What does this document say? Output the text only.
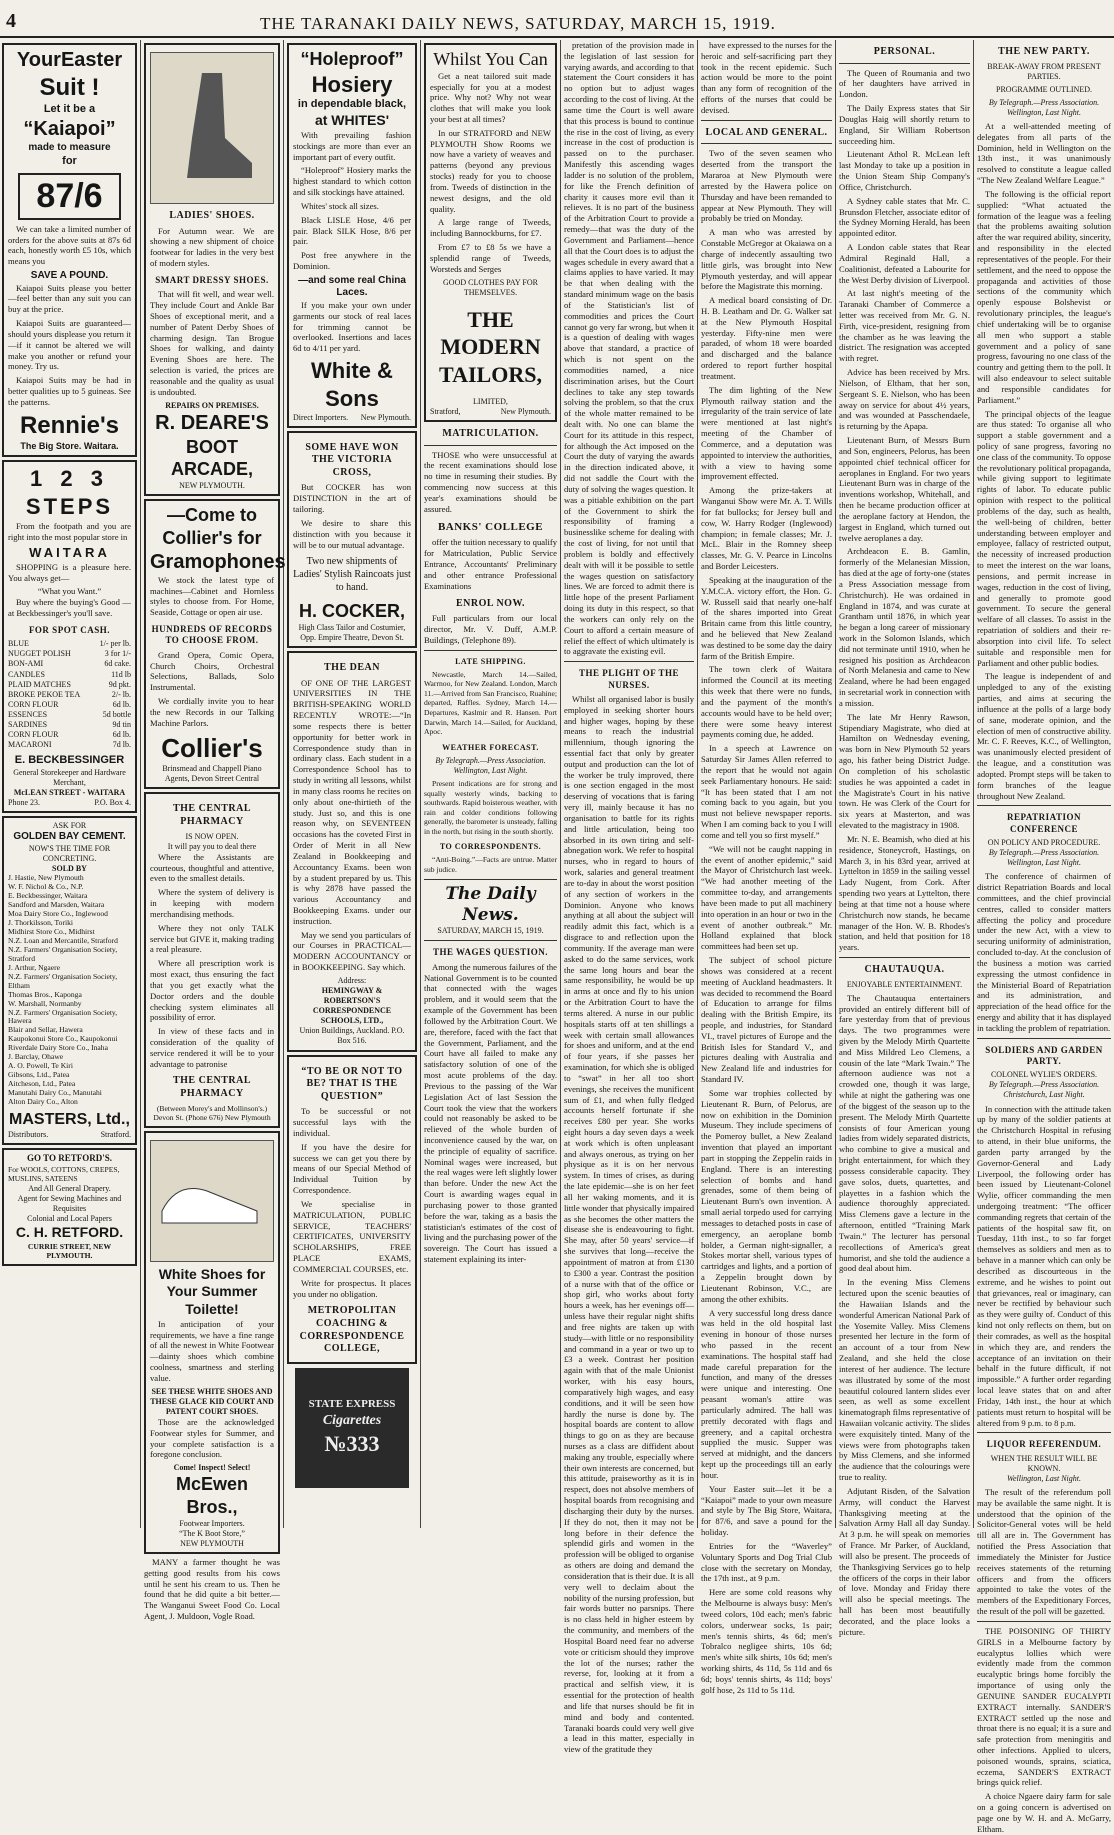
4	THE TARANAKI DAILY NEWS, SATURDAY, MARCH 15, 1919.
YourEaster
Suit !
Let it be a
“Kaiapoi”
made to measure
for
87/6

We can take a limited number of orders for the above suits at 87s 6d each, honestly worth £5 10s, which means you

SAVE A POUND.

Kaiapoi Suits please you better—feel better than any suit you can buy at the price.

Kaiapoi Suits are guaranteed—should yours displease you return it—if it cannot be altered we will make you another or refund your money. Try us.

Kaiapoi Suits may be had in better qualities up to 5 guineas. See the patterns.

Rennie's
The Big Store. Waitara.
1 2 3
STEPS

From the footpath and you are right into the most popular store in

WAITARA

SHOPPING is a pleasure here. You always get—

“What you Want.”

Buy where the buying's Good —at Beckbessinger's you'll save.

FOR SPOT CASH.
BLUE	1/- per lb.
NUGGET POLISH	3 for 1/-
BON-AMI	6d cake.
CANDLES	11d lb
PLAID MATCHES	9d pkt.
BROKE PEKOE TEA	2/- lb.
CORN FLOUR	6d lb.
ESSENCES	5d bottle
SARDINES	9d tin
CORN FLOUR	6d lb.
MACARONI	7d lb.
E. BECKBESSINGER
General Storekeeper and Hardware Merchant,
McLEAN STREET - WAITARA
Phone 23.	P.O. Box 4.
ASK FOR
GOLDEN BAY CEMENT.
NOW'S THE TIME FOR CONCRETING.
SOLD BY
J. Hastie, New Plymouth
W. F. Nichol & Co., N.P.
E. Beckbessinger, Waitara
Sandford and Marsden, Waitara
Moa Dairy Store Co., Inglewood
J. Thorkilsson, Toriki
Midhirst Store Co., Midhirst
N.Z. Loan and Mercantile, Stratford
N.Z. Farmers' Organisation Society, Stratford
J. Arthur, Ngaere
N.Z. Farmers' Organisation Society, Eltham
Thomas Bros., Kaponga
W. Marshall, Normanby
N.Z. Farmers' Organisation Society, Hawera
Blair and Sellar, Hawera
Kaupokonui Store Co., Kaupokonui
Riverdale Dairy Store Co., Inaha
J. Barclay, Ohawe
A. O. Powell, Te Kiri
Gibsons, Ltd., Patea
Aitcheson, Ltd., Patea
Manutahi Dairy Co., Manutahi
Alton Dairy Co., Alton
MASTERS, Ltd.,
Distributors.	Stratford.
GO TO RETFORD'S.
For WOOLS, COTTONS, CREPES, MUSLINS, SATEENS
And All General Drapery.
Agent for Sewing Machines and Requisites
Colonial and Local Papers
C. H. RETFORD.
CURRIE STREET, NEW PLYMOUTH.
LADIES' SHOES.

For Autumn wear. We are showing a new shipment of choice footwear for ladies in the very best of modern styles.

SMART DRESSY SHOES.

That will fit well, and wear well. They include Court and Ankle Bar Shoes of exceptional merit, and a number of Patent Derby Shoes of charming design. Tan Brogue Shoes for walking, and dainty Evening Shoes are here. The selection is varied, the prices are reasonable and the quality as usual is undoubted.

REPAIRS ON PREMISES.
R. DEARE'S
BOOT ARCADE,
NEW PLYMOUTH.
—Come to
Collier's for
Gramophones

We stock the latest type of machines—Cabinet and Hornless styles to choose from. For Home, Seaside, Cottage or open air use.

HUNDREDS OF RECORDS TO CHOOSE FROM.

Grand Opera, Comic Opera, Church Choirs, Orchestral Selections, Ballads, Solo Instrumental.

We cordially invite you to hear the new Records in our Talking Machine Parlors.

Collier's
Brinsmead and Chappell Piano Agents, Devon Street Central
THE CENTRAL PHARMACY
IS NOW OPEN.
It will pay you to deal there

Where the Assistants are courteous, thoughtful and attentive, even to the smallest details.

Where the system of delivery is in keeping with modern merchandising methods.

Where they not only TALK service but GIVE it, making trading a real pleasure.

Where all prescription work is most exact, thus ensuring the fact that you get exactly what the Doctor orders and the double checking system eliminates all possibility of error.

In view of these facts and in consideration of the quality of service rendered it will be to your advantage to patronise

THE CENTRAL PHARMACY
(Between Morey's and Mollinson's.) Devon St. (Phone 676) New Plymouth
White Shoes for
Your Summer
Toilette!

In anticipation of your requirements, we have a fine range of all the newest in White Footwear—dainty shoes which combine coolness, smartness and sterling value.

SEE THESE WHITE SHOES AND THESE GLACE KID COURT AND PATENT COURT SHOES.

Those are the acknowledged Footwear styles for Summer, and your complete satisfaction is a foregone conclusion.

Come! Inspect! Select!
McEwen Bros.,
Footwear Importers.
“The K Boot Store,”
NEW PLYMOUTH

MANY a farmer thought he was getting good results from his cows until he sent his cream to us. Then he found that he did quite a bit better.—The Wanganui Sweet Food Co. Local Agent, J. Muldoon, Vogle Road.

“Holeproof”
Hosiery
in dependable black,
at WHITES'

With prevailing fashion stockings are more than ever an important part of every outfit.

“Holeproof” Hosiery marks the highest standard to which cotton and silk stockings have attained.

Whites' stock all sizes.

Black LISLE Hose, 4/6 per pair. Black SILK Hose, 8/6 per pair.

Post free anywhere in the Dominion.

—and some real China Laces.

If you make your own under garments our stock of real laces for trimming cannot be overlooked. Insertions and laces 6d to 4/11 per yard.

White & Sons
Direct Importers. New Plymouth.
SOME HAVE WON THE VICTORIA CROSS,

But COCKER has won DISTINCTION in the art of tailoring.

We desire to share this distinction with you because it will be to our mutual advantage.

Two new shipments of Ladies' Stylish Raincoats just to hand.
H. COCKER,
High Class Tailor and Costumier, Opp. Empire Theatre, Devon St.
THE DEAN

OF ONE OF THE LARGEST UNIVERSITIES IN THE BRITISH-SPEAKING WORLD RECENTLY WROTE:—“In some respects there is better opportunity for better work in Correspondence study than in ordinary class. Each student in a Correspondence School has to study in writing all lessons, whilst in many class rooms he recites on only about one-thirtieth of the study. Just so, and this is one reason why, on SEVENTEEN occasions has the coveted First in Order of Merit in all New Zealand in Bookkeeping and Accountancy Exams. been won by a student prepared by us. This is why 2878 have passed the various Accountancy and Bookkeeping Exams. under our instruction.

May we send you particulars of our Courses in PRACTICAL—MODERN ACCOUNTANCY or in BOOKKEEPING. Say which.

Address:
HEMINGWAY & ROBERTSON'S CORRESPONDENCE SCHOOLS, LTD.,
Union Buildings, Auckland. P.O. Box 516.
“TO BE OR NOT TO BE? THAT IS THE QUESTION”

To be successful or not successful lays with the individual.

If you have the desire for success we can get you there by means of our Special Method of Individual Tuition by Correspondence.

We specialise in MATRICULATION, PUBLIC SERVICE, TEACHERS' CERTIFICATES, UNIVERSITY SCHOLARSHIPS, FREE PLACE EXAMS, COMMERCIAL COURSES, etc.

Write for prospectus. It places you under no obligation.

METROPOLITAN COACHING & CORRESPONDENCE COLLEGE,
STATE EXPRESS
Cigarettes
№333
Whilst You Can

Get a neat tailored suit made especially for you at a modest price. Why not? Why not wear clothes that will make you look your best at all times?

In our STRATFORD and NEW PLYMOUTH Show Rooms we now have a variety of weaves and patterns (beyond any previous stocks) ready for you to choose from. Tweeds of distinction in the newest designs, and the old quality.

A large range of Tweeds, including Bannockburns, for £7.

From £7 to £8 5s we have a splendid range of Tweeds, Worsteds and Serges

GOOD CLOTHES PAY FOR THEMSELVES.
THE MODERN TAILORS,
LIMITED,
Stratford,	New Plymouth.
MATRICULATION.

THOSE who were unsuccessful at the recent examinations should lose no time in resuming their studies. By commencing now success at this year's examinations should be assured.

BANKS' COLLEGE

offer the tuition necessary to qualify for Matriculation, Public Service Entrance, Accountants' Preliminary and other entrance Professional Examinations

ENROL NOW.

Full particulars from our local director, Mr. V. Duff, A.M.P. Buildings, (Telephone 89).

LATE SHIPPING.

Newcastle, March 14.—Sailed, Warrnoo, for New Zealand. London, March 11.—Arrived from San Francisco, Ruahine; departed, Raffles. Sydney, March 14.—Departures, Kaslmir and R. Hansen. Port Darwin, March 14.—Sailed, for Auckland, Apoc.

WEATHER FORECAST.
By Telegraph.—Press Association. Wellington, Last Night.

Present indications are for strong and squally westerly winds, backing to southwards. Rapid boisterous weather, with rain and colder conditions following generally, the barometer is unsteady, falling in the north, but rising in the south shortly.

TO CORRESPONDENTS.

“Anti-Boing.”—Facts are untrue. Matter sub judice.

The Daily News.
SATURDAY, MARCH 15, 1919.
THE WAGES QUESTION.

Among the numerous failures of the National Government is to be counted that connected with the wages problem, and it would seem that the example of the Government has been followed by the Arbitration Court. We are, therefore, faced with the fact that the Government, Parliament, and the Court have all failed to make any satisfactory solution of one of the most acute problems of the day. Previous to the passing of the War Legislation Act of last Session the Court took the view that the workers could not reasonably be asked to be relieved of the whole burden of inconvenience caused by the war, on the principle of equality of sacrifice. Nominal wages were increased, but the real wages were left slightly lower than before. Under the new Act the Court is awarding wages equal in purchasing power to those granted before the war, taking as a basis the statistician's estimates of the cost of living and the purchasing power of the sovereign. The Court has issued a statement explaining its inter-

pretation of the provision made in the legislation of last session for varying awards, and according to that statement the Court considers it has no option but to adjust wages according to the cost of living. At the same time the Court is well aware that this process is bound to continue the rise in the cost of living, as every increase in the cost of production is passed on to the purchaser. Manifestly this ascending wages ladder is no solution of the problem, for like the French definition of charity it causes more evil than it relieves. It is no part of the business of the Arbitration Court to provide a remedy—that was the duty of the Government and Parliament—hence all that the Court does is to adjust the wages schedule in every award that a claims applies to have varied. It may be that when dealing with the standard minimum wage on the basis of the Statistician's list of commodities and prices the Court cannot go very far wrong, but when it is a question of dealing with wages above that standard, a practice of which is not spent on the commodities named, a nice discrimination arises, but the Court declines to take any step towards solving the problem, so that the crux of the whole matter remained to be dealt with. No one can blame the Court for its attitude in this respect, for although the Act imposed on the Court the duty of varying the awards in the direction indicated above, it did not saddle the Court with the duty of solving the wages question. It was a pitiable exhibition on the part of the Government to shirk the responsibility of framing a businesslike scheme for dealing with the cost of living, for not until that problem is boldly and effectively dealt with will it be possible to settle the wages question on satisfactory lines. We are forced to admit there is little hope of the present Parliament doing its duty in this respect, so that the workers can only rely on the Court to afford a certain measure of relief the effect of which ultimately is to aggravate the existing evil.

THE PLIGHT OF THE NURSES.

Whilst all organised labor is busily employed in seeking shorter hours and higher wages, hoping by these means to reach the industrial millennium, though ignoring the essential fact that only by greater output and production can the lot of the worker be truly improved, there is one section engaged in the most deserving of vocations that is faring very ill, mainly because it has no organisation to battle for its rights and little articulation, being too absorbed in its own tiring and self-abnegation work. We refer to hospital nurses, who in regard to hours of work, salaries and general treatment are to-day in about the worst position of any section of workers in the Dominion. Anyone who knows anything at all about the subject will readily admit this fact, which is a disgrace to and reflection upon the community. If the average man were asked to do the same services, work the same long hours and bear the same responsibility, he would be up in arms at once and fly to his union or the Arbitration Court to have the terms altered. A nurse in our public hospitals starts off at ten shillings a week with certain small allowances for shoes and uniform, and at the end of four years, if she passes her examination, for which she is obliged to “swat” in her all too short evenings, she receives the munificent sum of £1, and when fully fledged accounts herself fortunate if she receives £80 per year. She works eight hours a day seven days a week at work which is often unpleasant and always onerous, as trying on her physique as it is on her nervous system. In times of crises, as during the late epidemic—she is on her feet all her waking moments, and it is little wonder that physically impaired as she becomes the other matters the disease she is endeavouring to fight. She may, after 50 years' service—if she survives that long—receive the appointment of matron at from £130 to £300 a year. Contrast the position of a nurse with that of the office or shop girl, who works about forty hours a week, has her evenings off—unless have their regular night shifts and free nights are taken up with study—with little or no responsibility and command in a year or two up to £3 a week. Contrast her position again with that of the male Unionist worker, with his easy hours, comparatively high wages, and easy conditions, and it will be seen how hardly the nurse is done by. The hospital boards are content to allow things to go on as they are because nurses as a class are diffident about making any trouble, especially where their own interests are concerned, but this attitude, praiseworthy as it is in respect, does not absolve members of hospital boards from recognising and discharging their duty by the nurses. If they do not, then it may not be long before in their defence the splendid girls and women in the profession will be obliged to organise as others are doing and demand the consideration that is their due. It is all very well to declaim about the nobility of the nursing profession, but fair words butter no parsnips. There is no class held in higher esteem by the community, and members of the Hospital Board need fear no adverse vote or criticism should they improve the lot of the nurses; rather the reverse, for, looking at it from a practical and selfish view, it is essential for the protection of health and life that nurses should be fit in mind and body and contented. Taranaki boards could very well give a lead in this matter, especially in view of the gratitude they

have expressed to the nurses for the heroic and self-sacrificing part they took in the recent epidemic. Such action would be more to the point than any form of recognition of the efforts of the nurses that could be devised.

LOCAL AND GENERAL.

Two of the seven seamen who deserted from the transport the Mararoa at New Plymouth were arrested by the Hawera police on Thursday and have been remanded to appear at New Plymouth. They will probably be tried on Monday.

A man who was arrested by Constable McGregor at Okaiawa on a charge of indecently assaulting two little girls, was brought into New Plymouth yesterday, and will appear before the Magistrate this morning.

A medical board consisting of Dr. H. B. Leatham and Dr. G. Walker sat at the New Plymouth Hospital yesterday. Fifty-nine men were paraded, of whom 18 were boarded and discharged and the balance ordered to report further hospital treatment.

The dim lighting of the New Plymouth railway station and the irregularity of the train service of late were mentioned at last night's meeting of the Chamber of Commerce, and a deputation was appointed to interview the authorities, with a view to having some improvement effected.

Among the prize-takers at Wanganui Show were Mr. A. T. Wills for fat bullocks; for Jersey bull and cow, W. Harry Rodger (Inglewood) champion; in female classes; Mr. J. McL. Blair in the Romney sheep classes, Mr. G. V. Pearce in Lincolns and Border Leicesters.

Speaking at the inauguration of the Y.M.C.A. victory effort, the Hon. G. W. Russell said that nearly one-half of the shares imported into Great Britain came from this little country, and he believed that New Zealand was destined to be some day the dairy farm of the British Empire.

The town clerk of Waitara informed the Council at its meeting this week that there were no funds, and the payment of the month's accounts would have to be held over; there were some heavy interest payments coming due, he added.

In a speech at Lawrence on Saturday Sir James Allen referred to the report that he would not again seek Parliamentary honours. He said: “It has been stated that I am not coming back to you again, but you must not believe newspaper reports. When I am coming back to you I will come and tell you so first myself.”

“We will not be caught napping in the event of another epidemic,” said the Mayor of Christchurch last week. “We had another meeting of the committee to-day, and arrangements have been made to put all machinery into operation in an hour or two in the event of another outbreak.” Mr. Holland explained that block committees had been set up.

The subject of school picture shows was considered at a recent meeting of Auckland headmasters. It was decided to recommend the Board of Education to arrange for films dealing with the British Empire, its people, and industries, for Standard VI., travel pictures of Europe and the British Isles for Standard V., and pictures dealing with Australia and New Zealand life and industries for Standard IV.

Some war trophies collected by Lieutenant R. Burn, of Pelorus, are now on exhibition in the Dominion Museum. They include specimens of the Pomeroy bullet, a New Zealand invention that played an important part in stopping the Zeppelin raids in England. There is an interesting selection of bombs and hand grenades, some of them being of Lieutenant Burn's own invention. A small aerial torpedo used for carrying messages to detached posts in case of emergency, an aeroplane bomb holder, a German night-signaller, a Stokes mortar shell, various types of cartridges and lights, and a portion of a Zeppelin brought down by Lieutenant Robinson, V.C., are among the other exhibits.

A very successful long dress dance was held in the old hospital last evening in honour of those nurses who passed in the recent examinations. The hospital staff had made careful preparation for the function, and many of the dresses were unique and interesting. One peasant woman's attire was particularly admired. The hall was prettily decorated with flags and greenery, and a capital orchestra supplied the music. Supper was served at midnight, and the dancers kept up the proceedings till an early hour.

Your Easter suit—let it be a “Kaiapoi” made to your own measure and style by The Big Store, Waitara, for 87/6, and save a pound for the holiday.

Entries for the “Waverley” Voluntary Sports and Dog Trial Club close with the secretary on Monday, the 17th inst., at 9 p.m.

Here are some cold reasons why the Melbourne is always busy: Men's tweed colors, 10d each; men's fabric colors, underwear socks, 1s pair; men's tennis shirts, 4s 6d; men's Tobralco negligee shirts, 10s 6d; men's white silk shirts, 10s 6d; men's working shirts, 4s 11d, 5s 11d and 6s 6d; boys' tennis shirts, 4s 11d; boys' golf hose, 2s 11d to 5s 11d.

PERSONAL.

The Queen of Roumania and two of her daughters have arrived in London.

The Daily Express states that Sir Douglas Haig will shortly return to England, Sir William Robertson succeeding him.

Lieutenant Athol R. McLean left last Monday to take up a position in the Union Steam Ship Company's Office, Christchurch.

A Sydney cable states that Mr. C. Brunsdon Fletcher, associate editor of the Sydney Morning Herald, has been appointed editor.

A London cable states that Rear Admiral Reginald Hall, a Coalitionist, defeated a Labourite for the West Derby division of Liverpool.

At last night's meeting of the Taranaki Chamber of Commerce a letter was received from Mr. G. N. Firth, vice-president, resigning from the chamber as he was leaving the district. The resignation was accepted with regret.

Advice has been received by Mrs. Nielson, of Eltham, that her son, Sergeant S. E. Nielson, who has been away on service for about 4½ years, and was wounded at Passchendaele, is returning by the Apapa.

Lieutenant Burn, of Messrs Burn and Son, engineers, Pelorus, has been appointed chief technical officer for aeroplanes in England. For two years Lieutenant Burn was in charge of the inventions workshop, Whitehall, and then he became production officer at the aeroplane factory at Hendon, the largest in England, which turned out twelve aeroplanes a day.

Archdeacon E. B. Gamlin, formerly of the Melanesian Mission, has died at the age of forty-one (states a Press Association message from Christchurch). He was ordained in England in 1874, and was curate at Grantham until 1876, in which year he began a long career of missionary work in the Solomon Islands, which did not terminate until 1910, when he resigned his position as Archdeacon of North Melanesia and came to New Zealand, where he had been engaged in secretarial work in connection with a mission.

The late Mr Henry Rawson, Stipendiary Magistrate, who died at Hamilton on Wednesday evening, was born in New Plymouth 52 years ago, his father being District Judge. On completion of his scholastic studies he was appointed a cadet in the Magistrate's Court in his native town. He was Clerk of the Court for six years at Masterton, and was elevated to the magistracy in 1908.

Mr. N. E. Beamish, who died at his residence, Stoneycroft, Hastings, on March 3, in his 83rd year, arrived at Lyttelton in 1859 in the sailing vessel Lady Nugent, from Cork. After spending two years at Lyttelton, there being at that time not a house where Christchurch now stands, he became manager of the Hon. W. B. Rhodes's station, and held that position for 18 years.

CHAUTAUQUA.
ENJOYABLE ENTERTAINMENT.

The Chautauqua entertainers provided an entirely different bill of fare yesterday from that of previous days. The two programmes were given by the Melody Mirth Quartette and Miss Mildred Leo Clemens, a cousin of the late “Mark Twain.” The afternoon audience was not a crowded one, though it was large, while at night the gathering was one of the biggest of the season up to the present. The Melody Mirth Quartette consists of four American young ladies from widely separated districts, who combine to give a musical and bright entertainment, for which they possess considerable capacity. They gave solos, duets, quartettes, and playettes in a fashion which the audience thoroughly appreciated. Miss Clemens gave a lecture in the afternoon, entitled “Training Mark Twain.” The lecturer has personal recollections of America's great humorist, and she told the audience a good deal about him.

In the evening Miss Clemens lectured upon the scenic beauties of the Hawaiian Islands and the wonderful American National Park of the Yosemite Valley. Miss Clemens presented her lecture in the form of an account of a tour from New Zealand, and she held the close interest of her audience. The lecture was illustrated by some of the most beautiful coloured lantern slides ever seen, as well as some excellent kinematograph films representative of Hawaiian volcanic activity. The slides were exquisitely tinted. Many of the views were from photographs taken by Miss Clemens, and she informed the audience that the colourings were true to reality.

Adjutant Risden, of the Salvation Army, will conduct the Harvest Thanksgiving meeting at the Salvation Army Hall all day Sunday. At 3 p.m. he will speak on memories of France. Mr Parker, of Auckland, will also be present. The proceeds of the Thanksgiving Services go to help the officers of the corps in their labor of love. Monday and Friday there will also be special meetings. The hall has been most beautifully decorated, and the place looks a picture.

THE NEW PARTY.
BREAK-AWAY FROM PRESENT PARTIES.
PROGRAMME OUTLINED.
By Telegraph.—Press Association. Wellington, Last Night.

At a well-attended meeting of delegates from all parts of the Dominion, held in Wellington on the 13th inst., it was unanimously resolved to constitute a league called “The New Zealand Welfare League.”

The following is the official report supplied: “What actuated the formation of the league was a feeling that the problems awaiting solution after the war required ability, sincerity, and responsibility in the elected representatives of the people. For their settlement, and the need to oppose the propaganda and activities of those sections of the community which openly espouse Bolshevist or revolutionary principles, the league's chief undertaking will be to organise all men who support a stable government and a policy of sane progress, favouring no one class of the country and getting them to the poll. It will also endeavour to select suitable and responsible candidates for Parliament.”

The principal objects of the league are thus stated: To organise all who support a stable government and a policy of sane progress, favoring no one class of the community. To oppose the revolutionary political propaganda, while giving support to legitimate rights of labor. To educate public opinion with respect to the political problems of the day, such as health, the well-being of children, better understanding between employer and employee, fallacy of restricted output, the necessity of increased production to meet the interest on the war loans, pensions, and permit increase in wages, reduction in the cost of living, and generally to promote good government. To secure the general welfare of all classes. To assist in the repatriation of soldiers and their re-absorption into civil life. To select suitable and responsible men for Parliament and other public bodies.

The league is independent of and unpledged to any of the existing parties, and aims at securing the influence at the polls of a large body of sane, moderate opinion, and the election of men of constructive ability. Mr. C. F. Reeves, K.C., of Wellington, was unanimously elected president of the league, and a constitution was adopted. Prompt steps will be taken to form branches of the league throughout New Zealand.

REPATRIATION CONFERENCE
ON POLICY AND PROCEDURE.
By Telegraph.—Press Association. Wellington, Last Night.

The conference of chairmen of district Repatriation Boards and local committees, and the chief provincial centres, called to consider matters affecting the policy and procedure under the new Act, with a view to securing uniformity of administration, concluded to-day. At the conclusion of the business a motion was carried expressing the utmost confidence in the Ministerial Board of Repatriation and its administration, and appreciation of the head office for the energy and ability that it has displayed in tackling the problem of repatriation.

SOLDIERS AND GARDEN PARTY.
COLONEL WYLIE'S ORDERS.
By Telegraph.—Press Association. Christchurch, Last Night.

In connection with the attitude taken up by many of the soldier patients at the Christchurch Hospital in refusing to attend, in their blue uniforms, the garden party arranged by the Governor-General and Lady Liverpool, the following order has been issued by Lieutenant-Colonel Wylie, officer commanding the men undergoing treatment: “The officer commanding regrets that certain of the patients of the hospital saw fit, on Tuesday, 11th inst., to so far forget themselves as soldiers and men as to behave in a manner which can only be described as discourteous in the extreme, and he wishes to point out that grievances, real or imaginary, can never be rectified by behaviour such as they were guilty of. Conduct of this kind not only reflects on them, but on their comrades, as well as the hospital in which they are, and renders the acceptance of an invitation on their behalf in the future difficult, if not impossible.” A further order regarding local leave states that on and after Friday, 14th inst., the hour at which patients must return to hospital will be altered from 9 p.m. to 8 p.m.

LIQUOR REFERENDUM.
WHEN THE RESULT WILL BE KNOWN.
Wellington, Last Night.

The result of the referendum poll may be available the same night. It is understood that the opinion of the Solicitor-General votes will be held till all are in. The Government has notified the Press Association that immediately the Minister for Justice receives statements of the returning officers and from the officers appointed to take the votes of the members of the Expeditionary Forces, the result of the poll will be gazetted.

THE POISONING OF THIRTY GIRLS in a Melbourne factory by eucalyptus lollies which were evidently made from the common eucalyptic brings home forcibly the importance of using only the GENUINE SANDER EUCALYPTI EXTRACT internally. SANDER'S EXTRACT settled up the nose and throat there is no equal; it is a sure and safe protection from meningitis and other infections. Applied to ulcers, poisoned wounds, sprains, sciatica, eczema, SANDER'S EXTRACT brings quick relief.

A choice Ngaere dairy farm for sale on a going concern is advertised on page one by W. H. and A. McGarry, Eltham.
